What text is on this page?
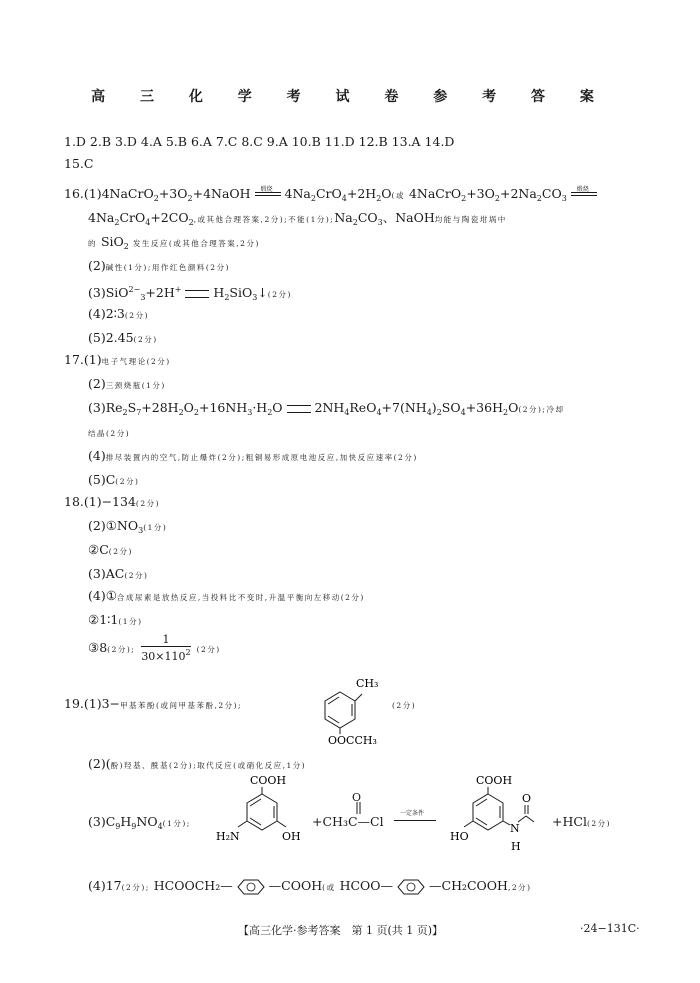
高 三 化 学 考 试 卷 参 考 答 案
1.D 2.B 3.D 4.A 5.B 6.A 7.C 8.C 9.A 10.B 11.D 12.B 13.A 14.D
15.C
$16.(1)4NaCrO_2+3O_2+4NaOH$ 煅烧 $4Na_2CrO_4+2H_2O$(或 $4NaCrO_2+3O_2+2Na_2CO_3$
煅烧
$4Na_2CrO_4+2CO_2$,或其他合理答案,2分);不能(1分)$;Na_2CO_3$、NaOH均能与陶瓷坩埚中
的 SiO$_2$ 发生反应(或其他合理答案,2分)
(2)碱性(1分);用作红色颜料(2分)
(3)SiO$^{2-}_3$+2H+	$H_2SiO_3↓(2$分)
(4)2∶3(2分)
(5)2.45(2分)
17.(1)电子气理论(2分)
(2)三颈烧瓶(1分)
$(3)Re_2S_7+28H_2O_2+16NH_3\cdot H_2O$	$2NH_4ReO_4+7(NH_4)_2SO_4+36H_2O(2$分);冷却
结晶(2分)
(4)排尽装置内的空气,防止爆炸(2分);粗铜易形成原电池反应,加快反应速率(2分)
(5)C(2分)
18.(1)−134(2分)
$(2)①NO_3(1$分)
②C(2分)
(3)AC(2分)
(4)①合成尿素是放热反应,当投料比不变时,升温平衡向左移动(2分)
②1∶1(1分)
③8(2分); $\frac{1}{30\times 110^2} (2$分)
19.(1)3−甲基苯酚(或间甲基苯酚,2分);
CH₃
OOCCH₃
(2分)
(2)(酚)羟基、酰基(2分);取代反应(或硝化反应,1分)
$(3)C_9H_9NO_4(1$分);
COOH
H₂N	OH
+CH₃C—Cl
O
一定条件
COOH
HO
N
H
O
+HCl(2分)
(4)17(2分); HCOOCH₂—	—COOH(或 HCOO—	—CH₂COOH,2分)
【高三化学·参考答案　第 1 页(共 1 页)】	·24−131C·
